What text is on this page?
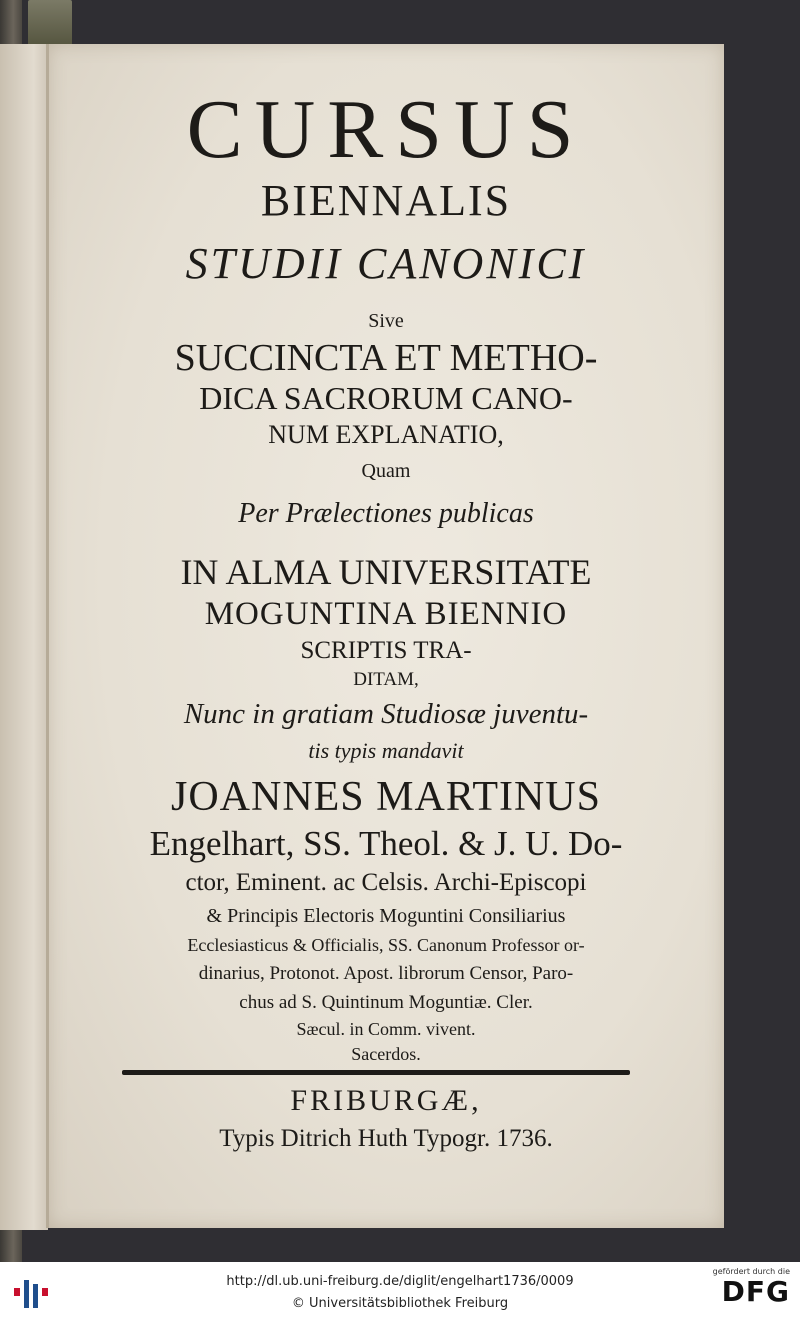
CURSUS
BIENNALIS
STUDII CANONICI
Sive
SUCCINCTA ET METHO-
DICA SACRORUM CANO-
NUM EXPLANATIO,
Quam
Per Prælectiones publicas
IN ALMA UNIVERSITATE
MOGUNTINA BIENNIO
SCRIPTIS TRA-
DITAM,
Nunc in gratiam Studiosæ juventu-
tis typis mandavit
JOANNES MARTINUS
Engelhart, SS. Theol. & J. U. Do-
ctor, Eminent. ac Celsis. Archi-Episcopi
& Principis Electoris Moguntini Consiliarius
Ecclesiasticus & Officialis, SS. Canonum Professor or-
dinarius, Protonot. Apost. librorum Censor, Paro-
chus ad S. Quintinum Moguntiæ. Cler.
Sæcul. in Comm. vivent.
Sacerdos.
FRIBURGÆ,
Typis Ditrich Huth Typogr. 1736.
http://dl.ub.uni-freiburg.de/diglit/engelhart1736/0009
© Universitätsbibliothek Freiburg
gefördert durch die
DFG
